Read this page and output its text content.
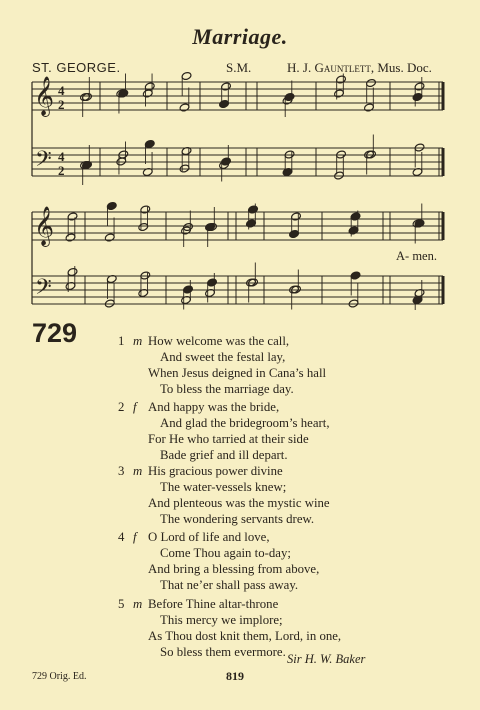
Marriage.
ST. GEORGE.	S.M.	H. J. Gauntlett, Mus. Doc.
𝄞
𝄢
4
2
4
2
𝄞
𝄢
A- men.
729	1 m How welcome was the call,
And sweet the festal lay,
When Jesus deigned in Cana’s hall
To bless the marriage day.
2 f And happy was the bride,
And glad the bridegroom’s heart,
For He who tarried at their side
Bade grief and ill depart.
3 m His gracious power divine
The water-vessels knew;
And plenteous was the mystic wine
The wondering servants drew.
4 f O Lord of life and love,
Come Thou again to-day;
And bring a blessing from above,
That ne’er shall pass away.
5 m Before Thine altar-throne
This mercy we implore;
As Thou dost knit them, Lord, in one,
So bless them evermore. Sir H. W. Baker
729 Orig. Ed.	819
